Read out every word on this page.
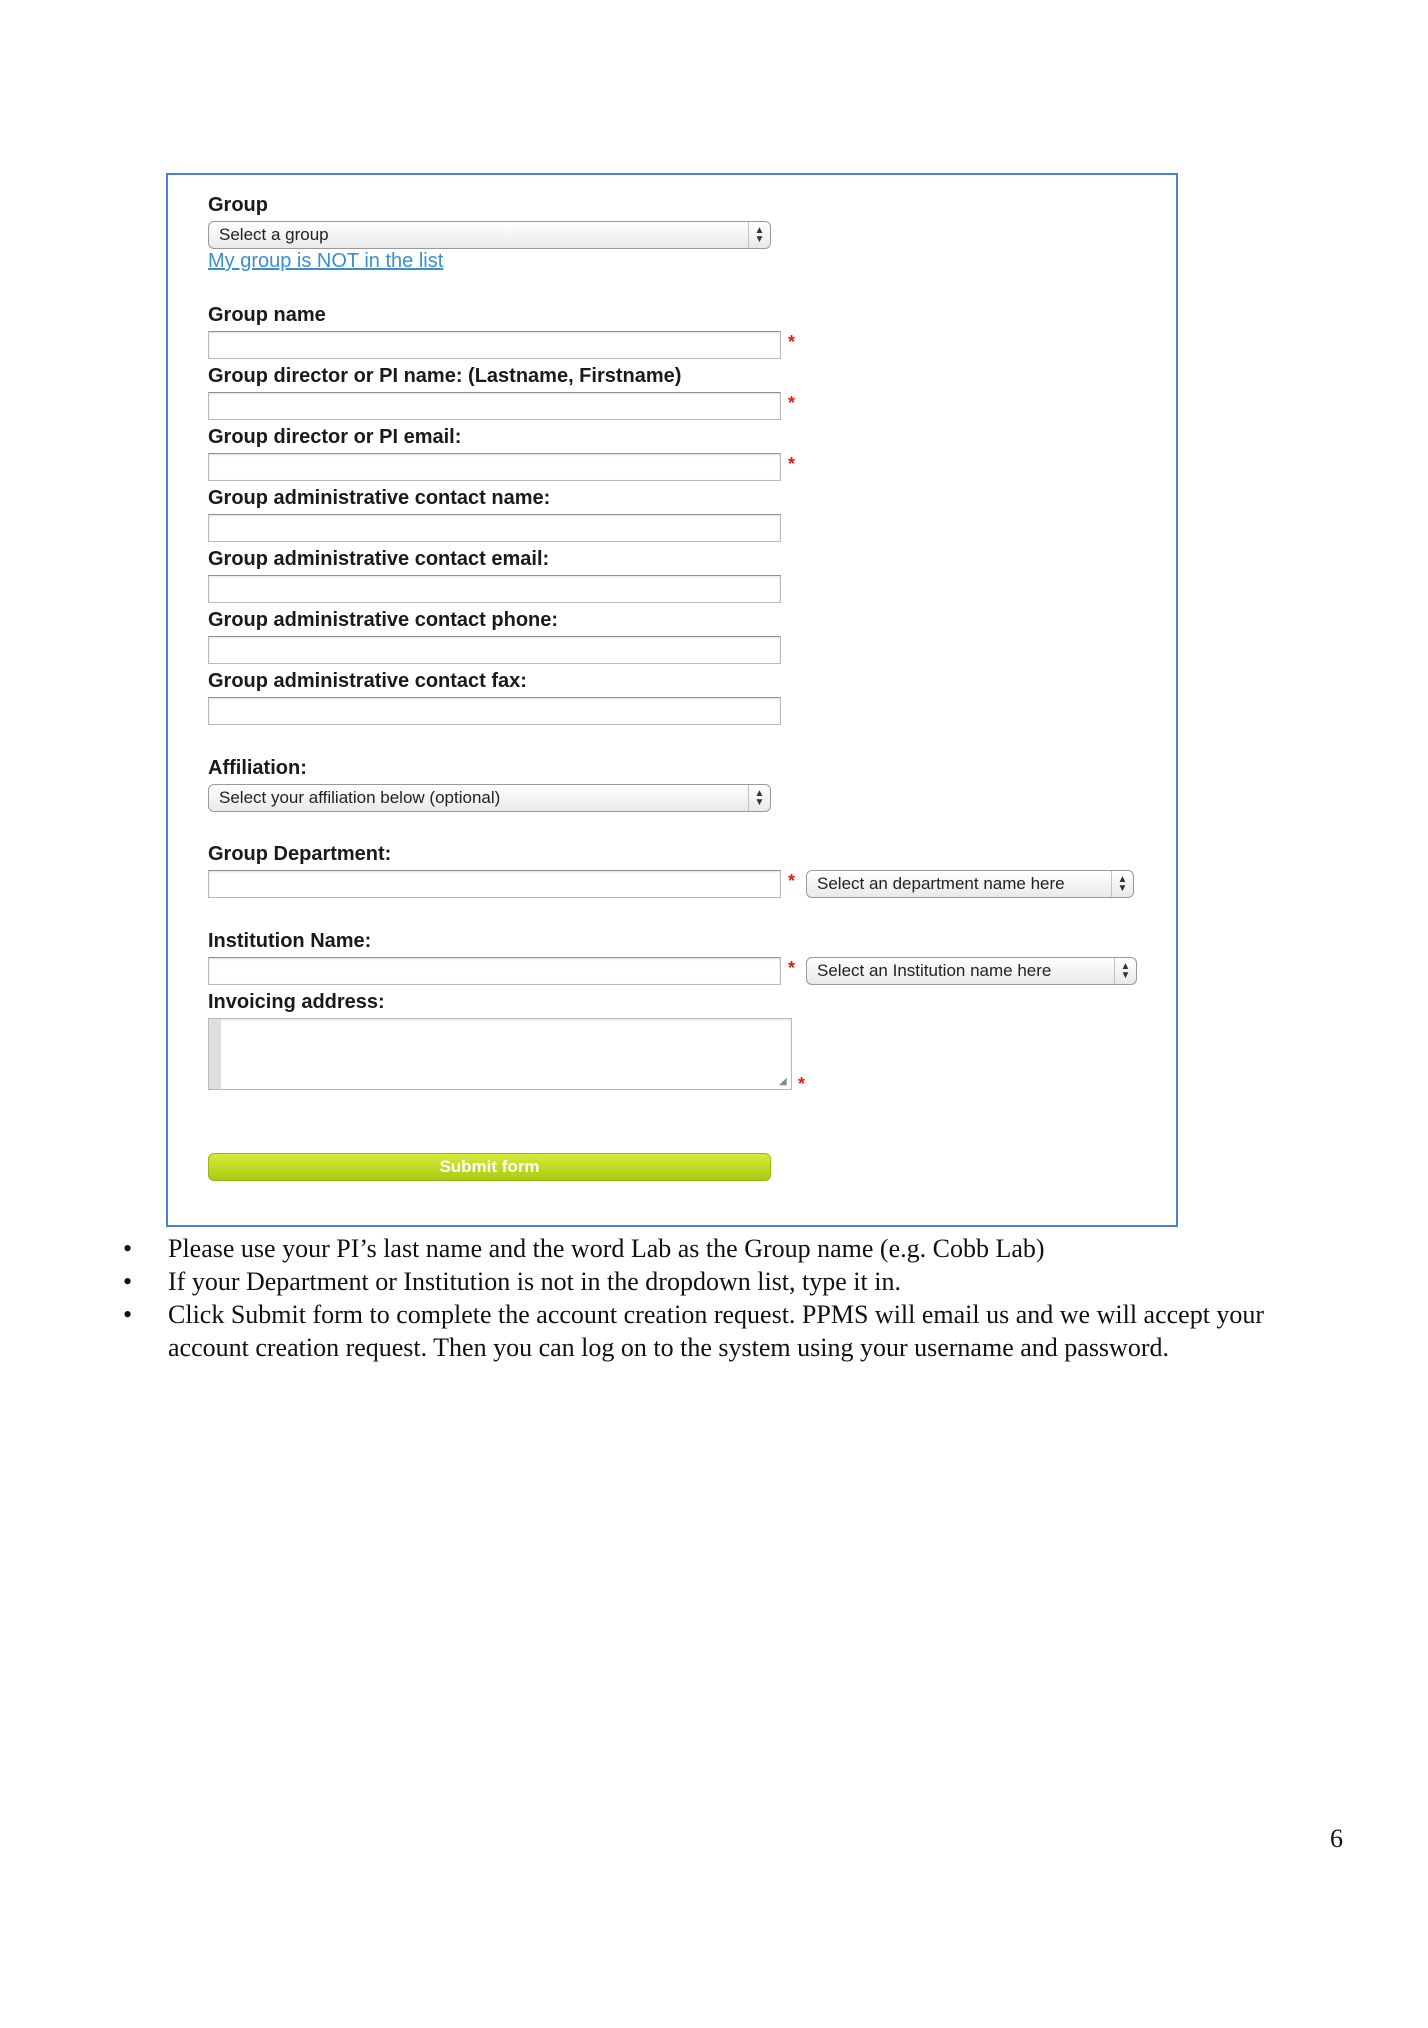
Group
Select a group	▲
▼
My group is NOT in the list
Group name
*
Group director or PI name: (Lastname, Firstname)
*
Group director or PI email:
*
Group administrative contact name:
Group administrative contact email:
Group administrative contact phone:
Group administrative contact fax:
Affiliation:
Select your affiliation below (optional)	▲
▼
Group Department:
*	Select an department name here	▲
▼
Institution Name:
*	Select an Institution name here	▲
▼
Invoicing address:
◢ *
Submit form

• Please use your PI’s last name and the word Lab as the Group name (e.g. Cobb Lab)

• If your Department or Institution is not in the dropdown list, type it in.

• Click Submit form to complete the account creation request. PPMS will email us and we will accept your account creation request. Then you can log on to the system using your username and password.

6
